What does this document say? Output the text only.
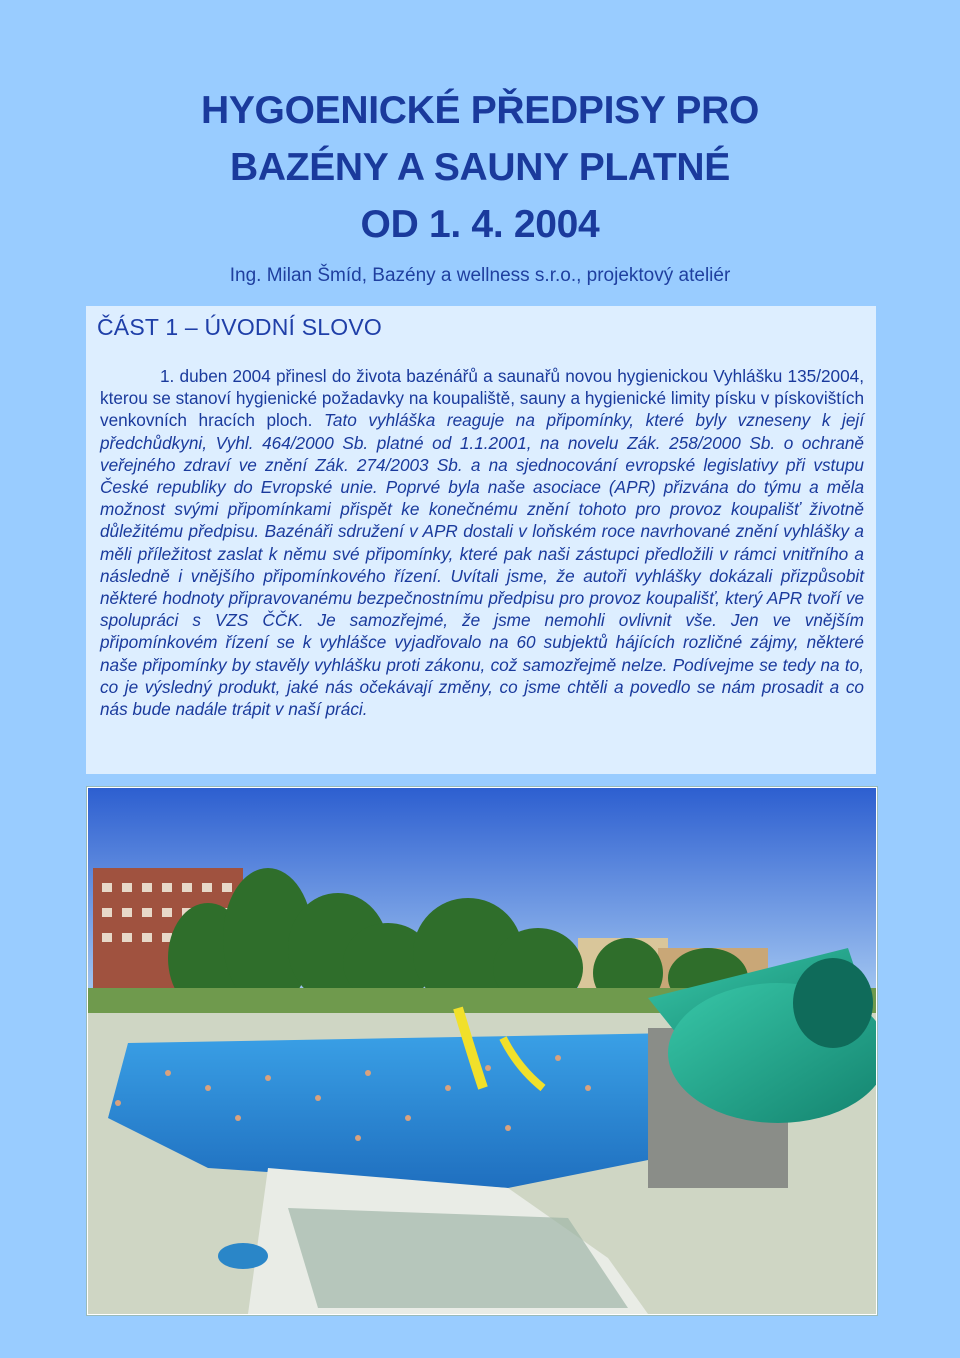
HYGOENICKÉ PŘEDPISY PRO
BAZÉNY A SAUNY PLATNÉ
OD 1. 4. 2004
Ing. Milan Šmíd, Bazény a wellness s.r.o., projektový ateliér
ČÁST 1 – ÚVODNÍ SLOVO
1. duben 2004 přinesl do života bazénářů a saunařů novou hygienickou Vyhlášku 135/2004, kterou se stanoví hygienické požadavky na koupaliště, sauny a hygienické limity písku v pískovištích venkovních hracích ploch. Tato vyhláška reaguje na připomínky, které byly vzneseny k její předchůdkyni, Vyhl. 464/2000 Sb. platné od 1.1.2001, na novelu Zák. 258/2000 Sb. o ochraně veřejného zdraví ve znění Zák. 274/2003 Sb. a na sjednocování evropské legislativy při vstupu České republiky do Evropské unie. Poprvé byla naše asociace (APR) přizvána do týmu a měla možnost svými připomínkami přispět ke konečnému znění tohoto pro provoz koupališť životně důležitému předpisu. Bazénáři sdružení v APR dostali v loňském roce navrhované znění vyhlášky a měli příležitost zaslat k němu své připomínky, které pak naši zástupci předložili v rámci vnitřního a následně i vnějšího připomínkového řízení. Uvítali jsme, že autoři vyhlášky dokázali přizpůsobit některé hodnoty připravovanému bezpečnostnímu předpisu pro provoz koupališť, který APR tvoří ve spolupráci s VZS ČČK. Je samozřejmé, že jsme nemohli ovlivnit vše. Jen ve vnějším připomínkovém řízení se k vyhlášce vyjadřovalo na 60 subjektů hájících rozličné zájmy, některé naše připomínky by stavěly vyhlášku proti zákonu, což samozřejmě nelze. Podívejme se tedy na to, co je výsledný produkt, jaké nás očekávají změny, co jsme chtěli a povedlo se nám prosadit a co nás bude nadále trápit v naší práci.
